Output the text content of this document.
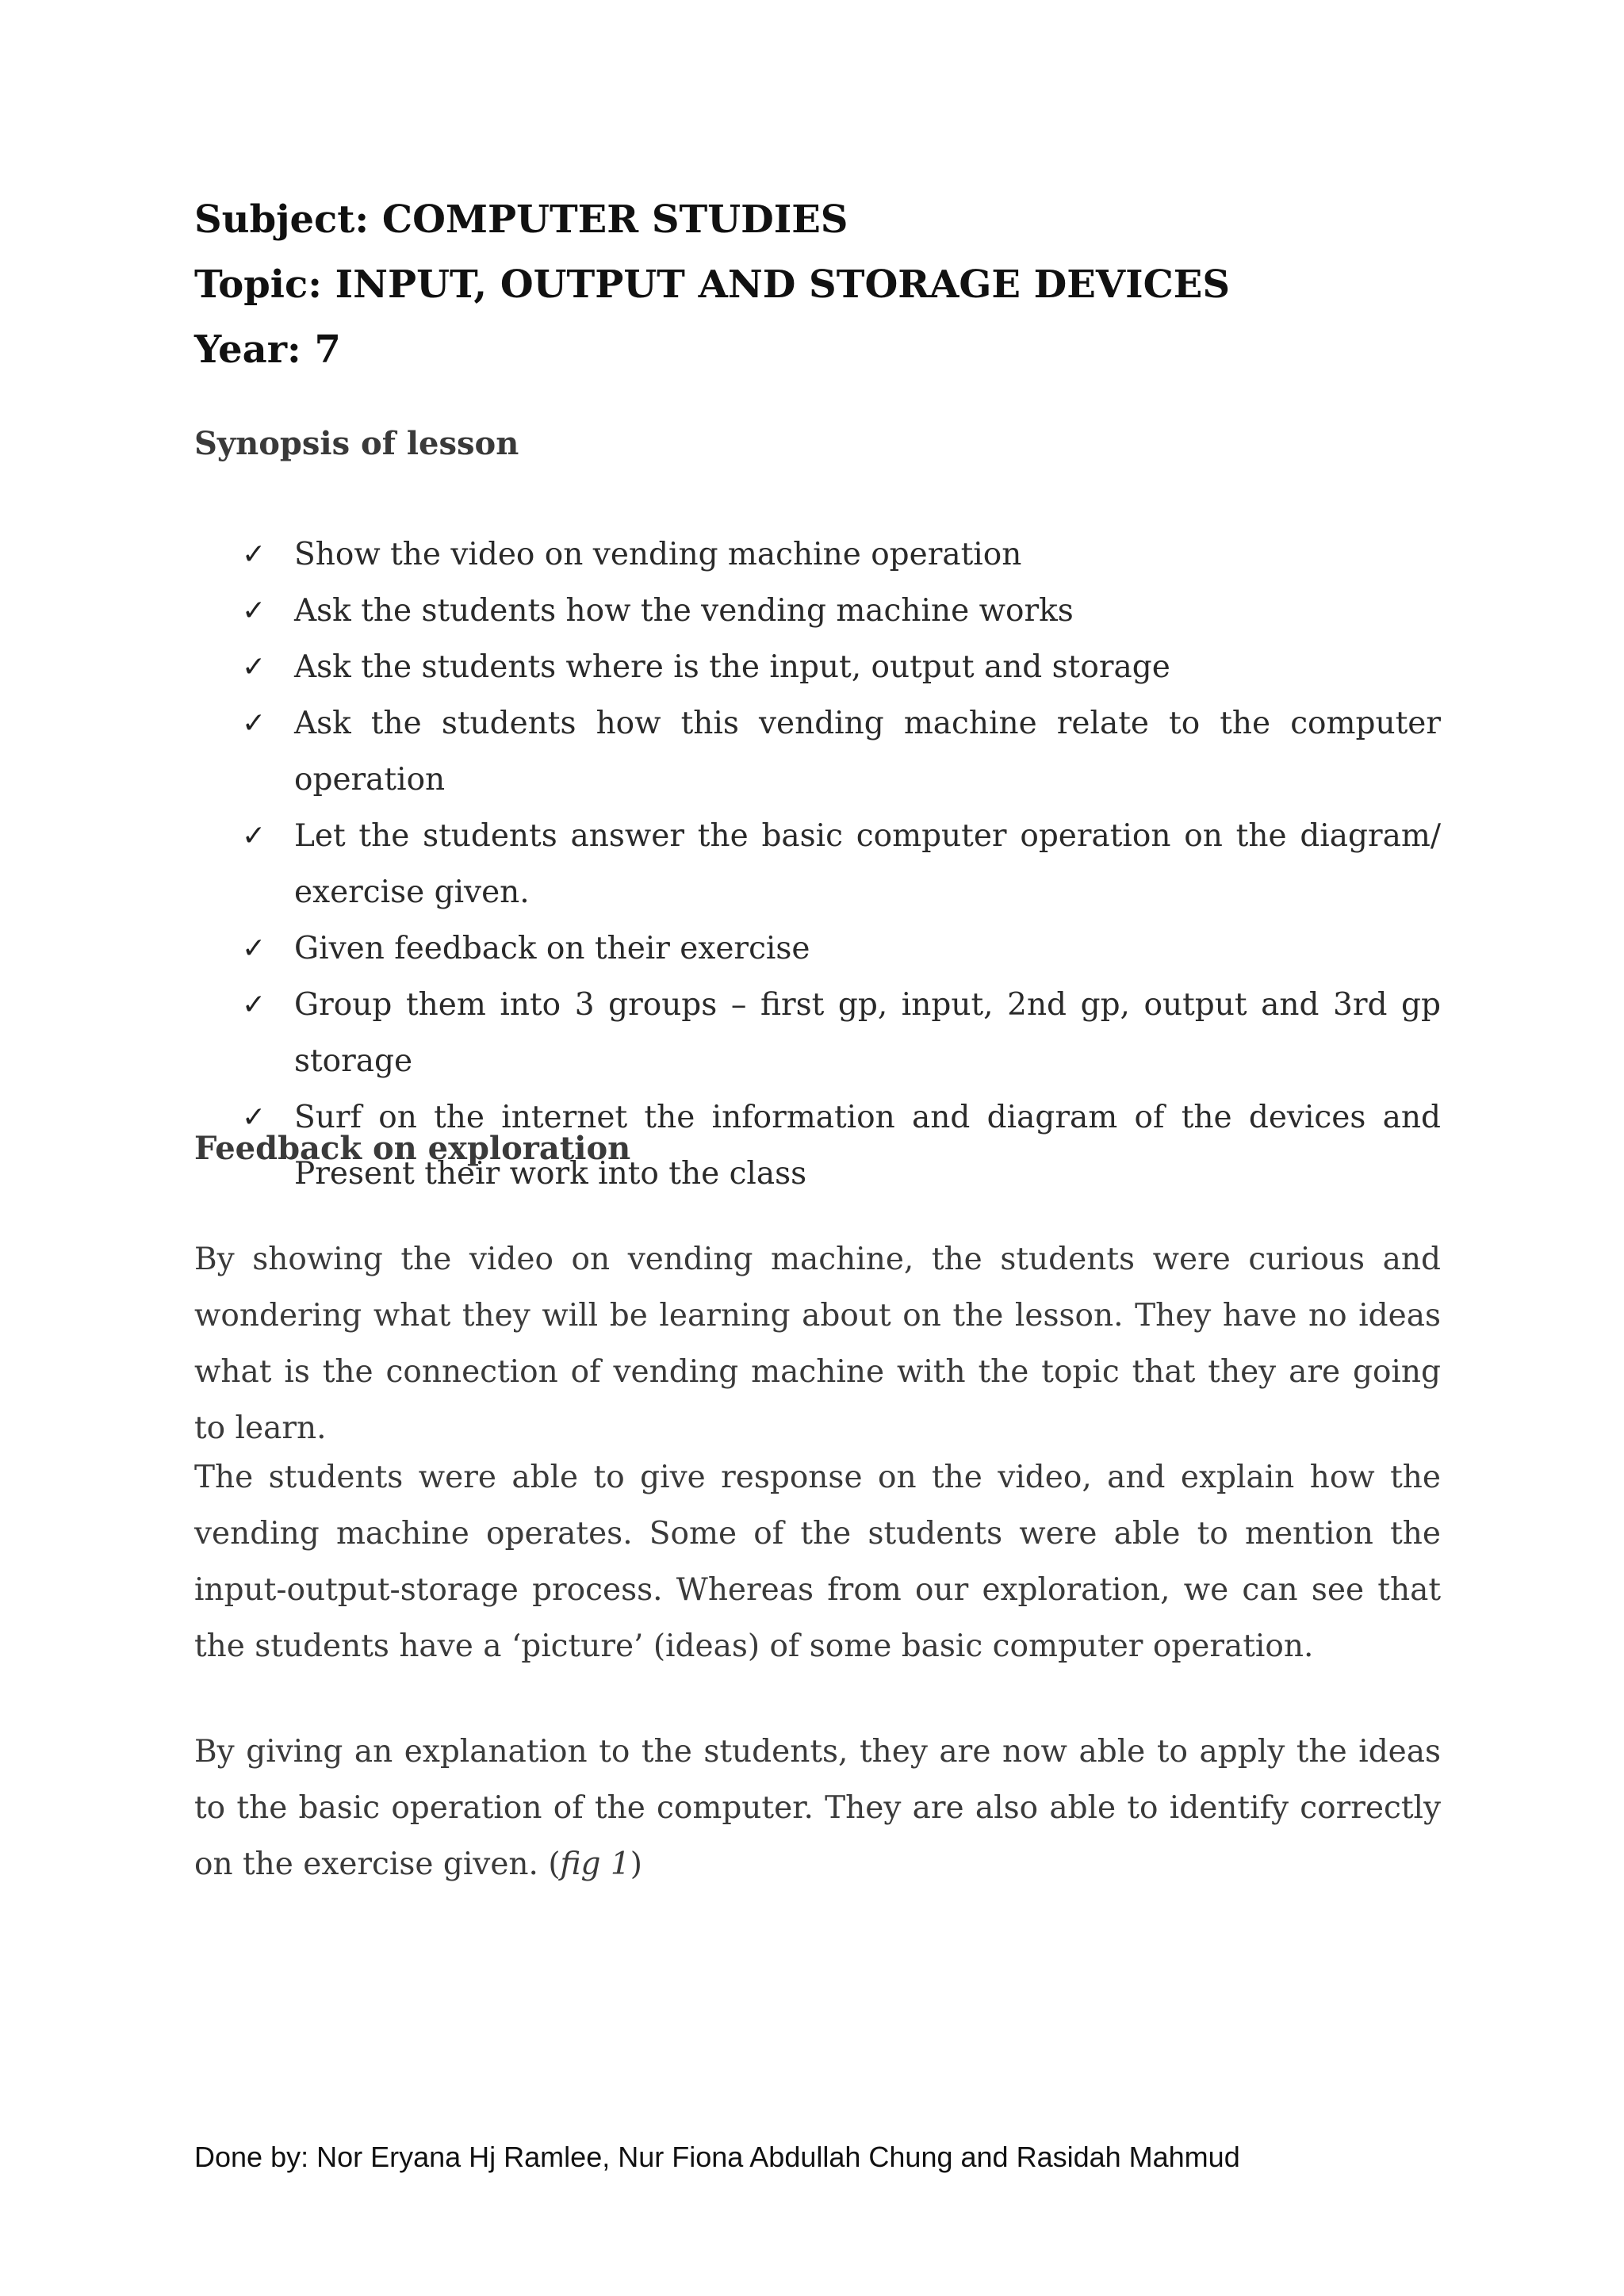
Subject: COMPUTER STUDIES
Topic: INPUT, OUTPUT AND STORAGE DEVICES
Year: 7
Synopsis of lesson
✓ Show the video on vending machine operation
✓ Ask the students how the vending machine works
✓ Ask the students where is the input, output and storage
✓ Ask the students how this vending machine relate to the computer operation
✓ Let the students answer the basic computer operation on the diagram/ exercise given.
✓ Given feedback on their exercise
✓ Group them into 3 groups – first gp, input, 2nd gp, output and 3rd gp storage
✓ Surf on the internet the information and diagram of the devices and Present their work into the class
Feedback on exploration

By showing the video on vending machine, the students were curious and wondering what they will be learning about on the lesson. They have no ideas what is the connection of vending machine with the topic that they are going to learn.

The students were able to give response on the video, and explain how the vending machine operates. Some of the students were able to mention the input-output-storage process. Whereas from our exploration, we can see that the students have a ‘picture’ (ideas) of some basic computer operation.

By giving an explanation to the students, they are now able to apply the ideas to the basic operation of the computer. They are also able to identify correctly on the exercise given. (fig 1)

Done by: Nor Eryana Hj Ramlee, Nur Fiona Abdullah Chung and Rasidah Mahmud
